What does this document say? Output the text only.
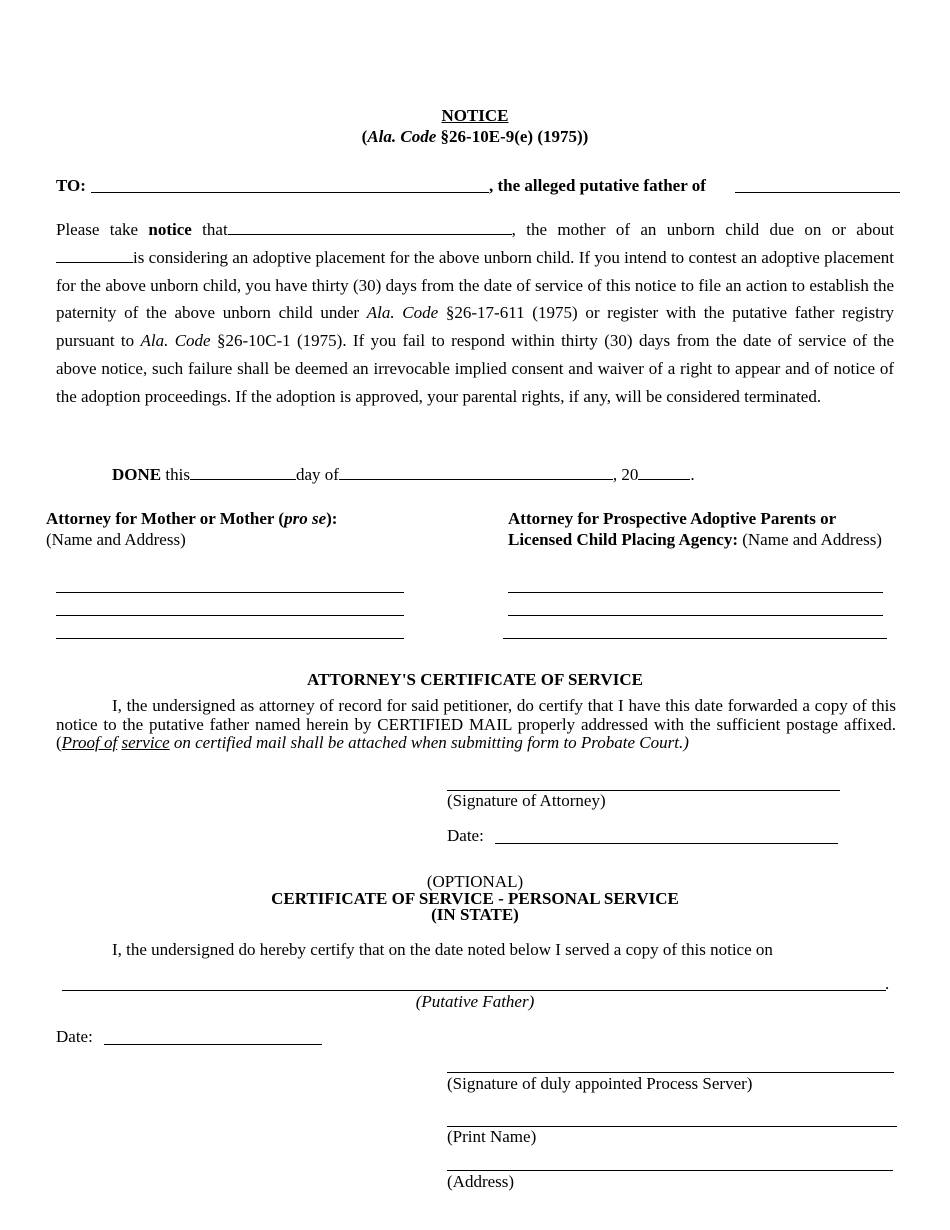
NOTICE
(Ala. Code §26-10E-9(e) (1975))
TO:	, the alleged putative father of
Please take notice that	, the mother of an unborn child due on or about is considering an adoptive placement for the above unborn child. If you intend to contest an adoptive placement for the above unborn child, you have thirty (30) days from the date of service of this notice to file an action to establish the paternity of the above unborn child under Ala. Code §26-17-611 (1975) or register with the putative father registry pursuant to Ala. Code §26-10C-1 (1975). If you fail to respond within thirty (30) days from the date of service of the above notice, such failure shall be deemed an irrevocable implied consent and waiver of a right to appear and of notice of the adoption proceedings. If the adoption is approved, your parental rights, if any, will be considered terminated.
DONE this	day of	, 20	.
Attorney for Mother or Mother (pro se):
(Name and Address)
Attorney for Prospective Adoptive Parents or Licensed Child Placing Agency: (Name and Address)
ATTORNEY'S CERTIFICATE OF SERVICE
I, the undersigned as attorney of record for said petitioner, do certify that I have this date forwarded a copy of this notice to the putative father named herein by CERTIFIED MAIL properly addressed with the sufficient postage affixed. (Proof of service on certified mail shall be attached when submitting form to Probate Court.)
(Signature of Attorney)
Date:
(OPTIONAL)
CERTIFICATE OF SERVICE - PERSONAL SERVICE
(IN STATE)
I, the undersigned do hereby certify that on the date noted below I served a copy of this notice on
.
(Putative Father)
Date:
(Signature of duly appointed Process Server)
(Print Name)
(Address)
